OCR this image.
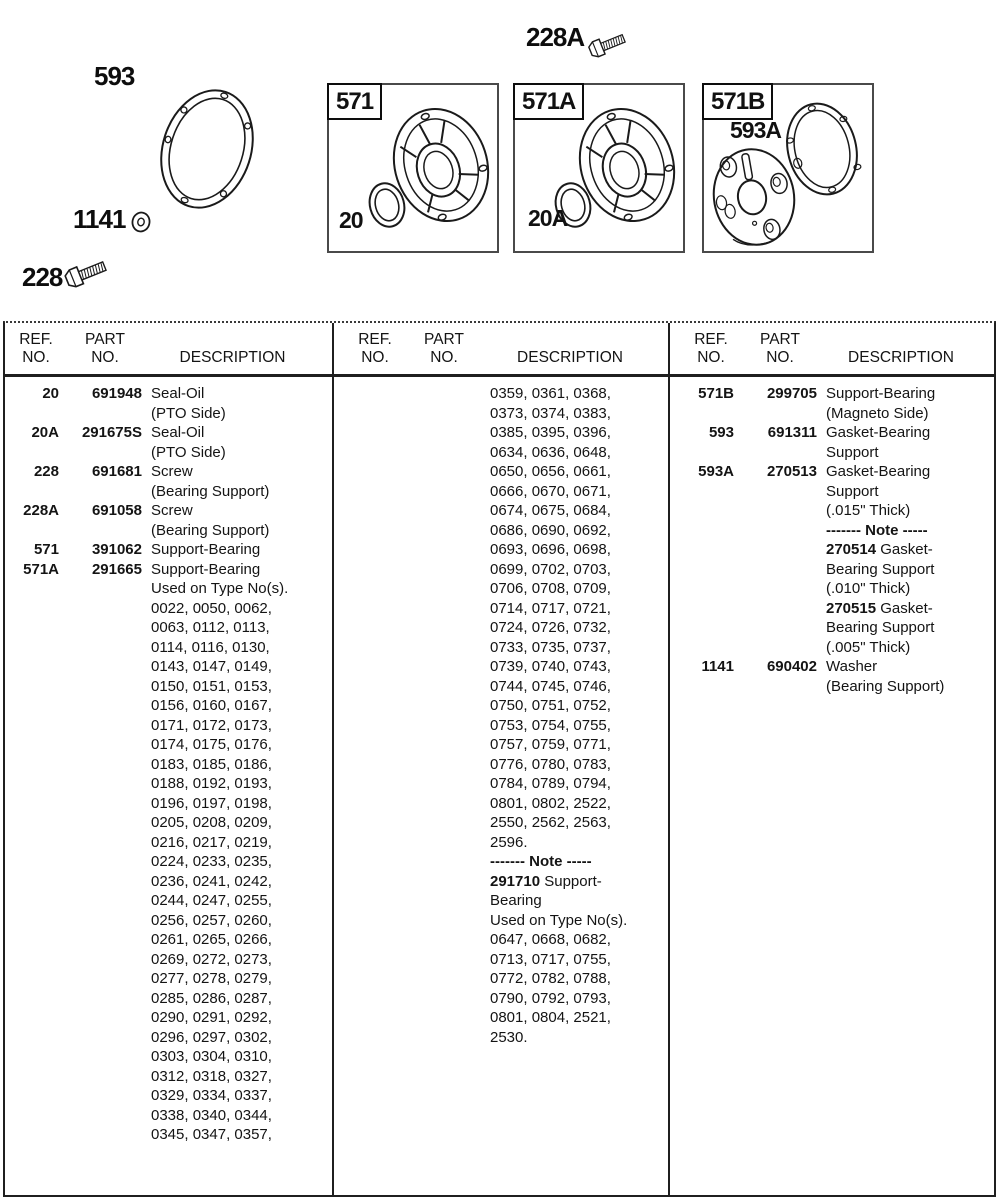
228A
593
1141
228
571
20
571A
20A
571B
593A
REF.
NO.
PART
NO.	DESCRIPTION
REF.
NO.
PART
NO.	DESCRIPTION
REF.
NO.
PART
NO.	DESCRIPTION
20	691948 Seal-Oil
(PTO Side)
20A	291675S Seal-Oil
(PTO Side)
228	691681 Screw
(Bearing Support)
228A	691058 Screw
(Bearing Support)
571	391062 Support-Bearing
571A	291665 Support-Bearing
Used on Type No(s).
0022, 0050, 0062,
0063, 0112, 0113,
0114, 0116, 0130,
0143, 0147, 0149,
0150, 0151, 0153,
0156, 0160, 0167,
0171, 0172, 0173,
0174, 0175, 0176,
0183, 0185, 0186,
0188, 0192, 0193,
0196, 0197, 0198,
0205, 0208, 0209,
0216, 0217, 0219,
0224, 0233, 0235,
0236, 0241, 0242,
0244, 0247, 0255,
0256, 0257, 0260,
0261, 0265, 0266,
0269, 0272, 0273,
0277, 0278, 0279,
0285, 0286, 0287,
0290, 0291, 0292,
0296, 0297, 0302,
0303, 0304, 0310,
0312, 0318, 0327,
0329, 0334, 0337,
0338, 0340, 0344,
0345, 0347, 0357,
0359, 0361, 0368,
0373, 0374, 0383,
0385, 0395, 0396,
0634, 0636, 0648,
0650, 0656, 0661,
0666, 0670, 0671,
0674, 0675, 0684,
0686, 0690, 0692,
0693, 0696, 0698,
0699, 0702, 0703,
0706, 0708, 0709,
0714, 0717, 0721,
0724, 0726, 0732,
0733, 0735, 0737,
0739, 0740, 0743,
0744, 0745, 0746,
0750, 0751, 0752,
0753, 0754, 0755,
0757, 0759, 0771,
0776, 0780, 0783,
0784, 0789, 0794,
0801, 0802, 2522,
2550, 2562, 2563,
2596.
------- Note -----
291710 Support-
Bearing
Used on Type No(s).
0647, 0668, 0682,
0713, 0717, 0755,
0772, 0782, 0788,
0790, 0792, 0793,
0801, 0804, 2521,
2530.
571B	299705 Support-Bearing
(Magneto Side)
593	691311 Gasket-Bearing
Support
593A	270513 Gasket-Bearing
Support
(.015" Thick)
------- Note -----
270514 Gasket-
Bearing Support
(.010" Thick)
270515 Gasket-
Bearing Support
(.005" Thick)
1141	690402 Washer
(Bearing Support)
